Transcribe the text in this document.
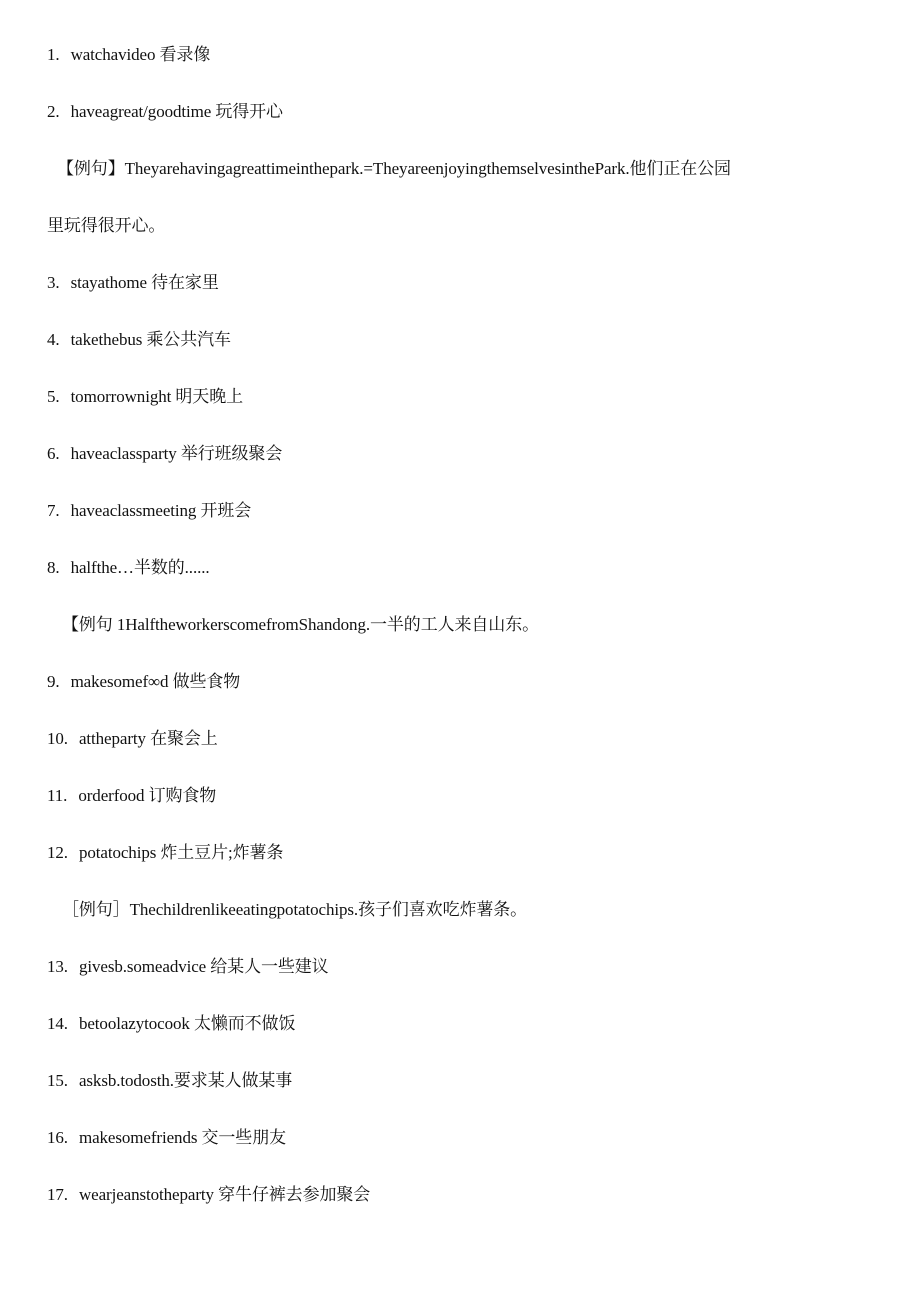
1. watchavideo 看录像

2. haveagreat/goodtime 玩得开心

【例句】Theyarehavingagreattimeinthepark.=TheyareenjoyingthemselvesinthePark.他们正在公园

里玩得很开心。

3. stayathome 待在家里

4. takethebus 乘公共汽车

5. tomorrownight 明天晚上

6. haveaclassparty 举行班级聚会

7. haveaclassmeeting 开班会

8. halfthe…半数的......

【例句 1HalftheworkerscomefromShandong.一半的工人来自山东。

9. makesomef∞d 做些食物

10. attheparty 在聚会上

11. orderfood 订购食物

12. potatochips 炸土豆片;炸薯条

［例句］Thechildrenlikeeatingpotatochips.孩子们喜欢吃炸薯条。

13. givesb.someadvice 给某人一些建议

14. betoolazytocook 太懒而不做饭

15. asksb.todosth.要求某人做某事

16. makesomefriends 交一些朋友

17. wearjeanstotheparty 穿牛仔裤去参加聚会
